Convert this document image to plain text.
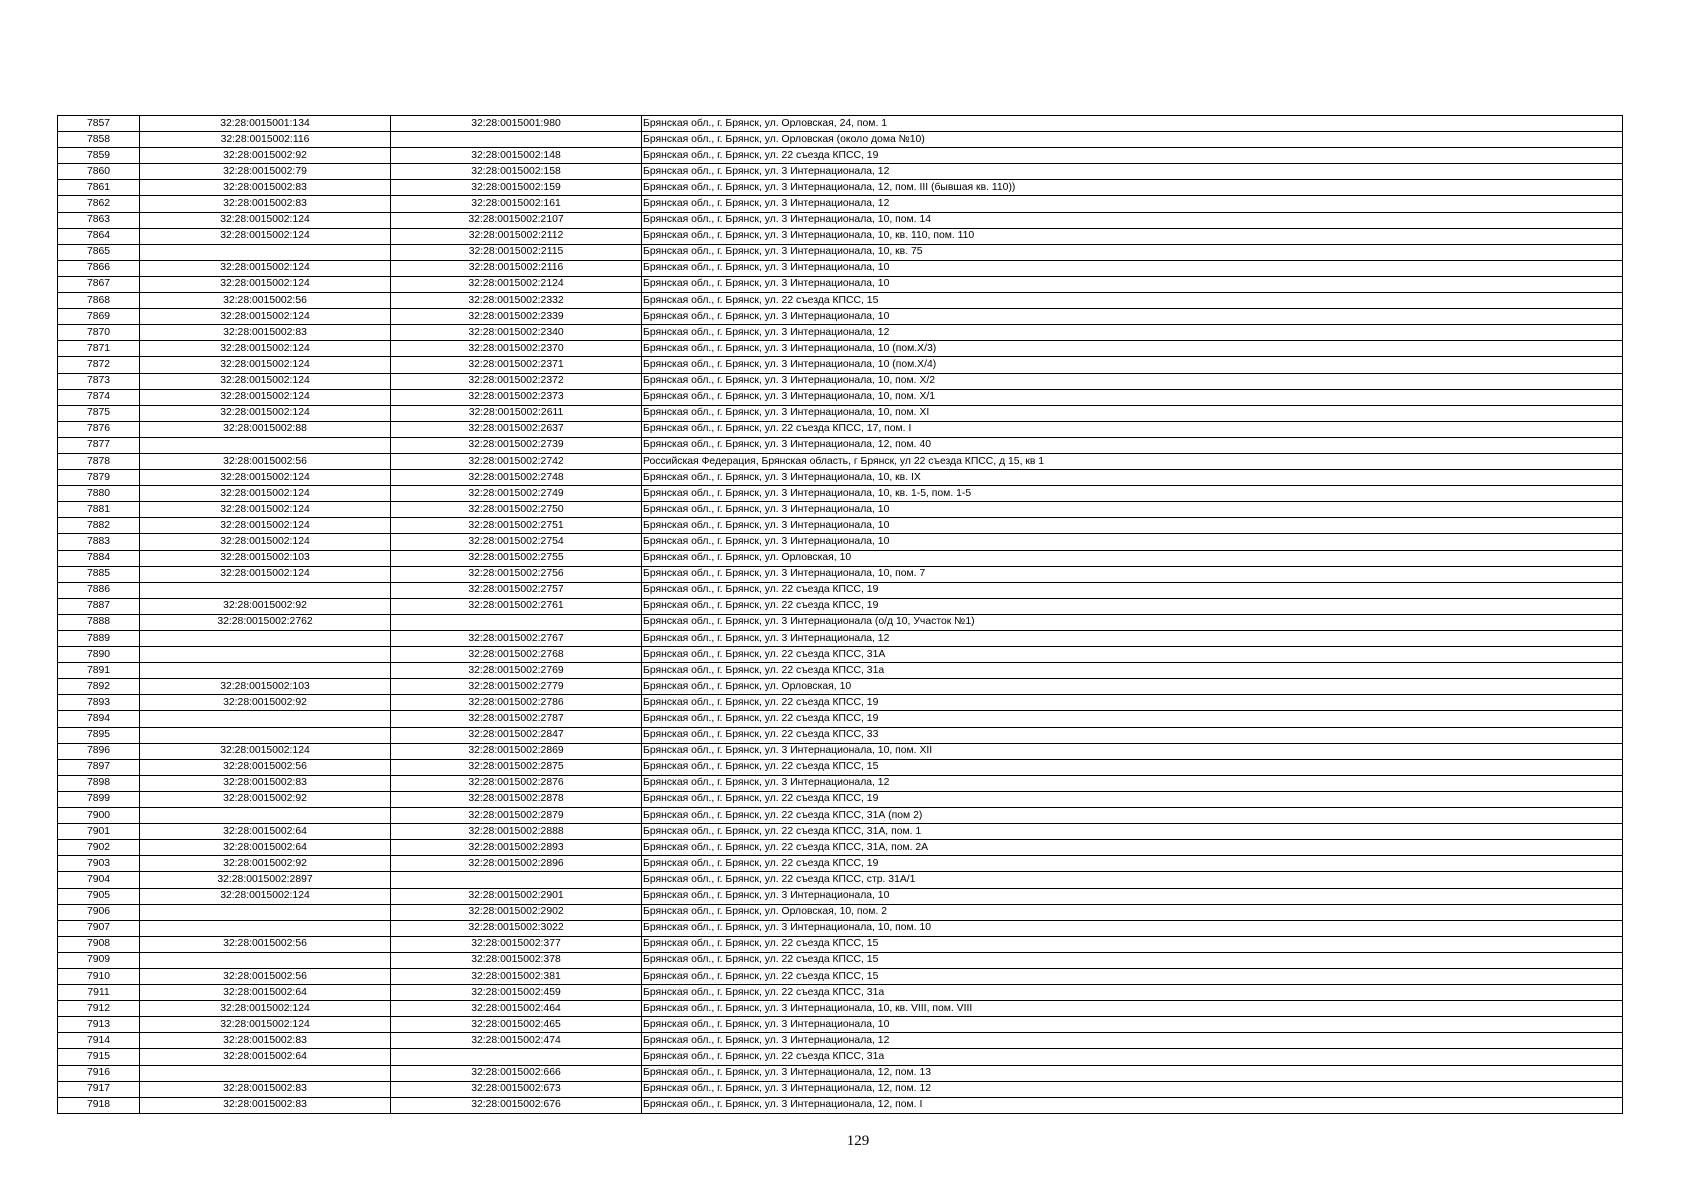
7857	32:28:0015001:134	32:28:0015001:980	Брянская обл., г. Брянск, ул. Орловская, 24, пом. 1
7858	32:28:0015002:116		Брянская обл., г. Брянск, ул. Орловская (около дома №10)
7859	32:28:0015002:92	32:28:0015002:148	Брянская обл., г. Брянск, ул. 22 съезда КПСС, 19
7860	32:28:0015002:79	32:28:0015002:158	Брянская обл., г. Брянск, ул. 3 Интернационала, 12
7861	32:28:0015002:83	32:28:0015002:159	Брянская обл., г. Брянск, ул. 3 Интернационала, 12, пом. III (бывшая кв. 110))
7862	32:28:0015002:83	32:28:0015002:161	Брянская обл., г. Брянск, ул. 3 Интернационала, 12
7863	32:28:0015002:124	32:28:0015002:2107	Брянская обл., г. Брянск, ул. 3 Интернационала, 10, пом. 14
7864	32:28:0015002:124	32:28:0015002:2112	Брянская обл., г. Брянск, ул. 3 Интернационала, 10, кв. 110, пом. 110
7865		32:28:0015002:2115	Брянская обл., г. Брянск, ул. 3 Интернационала, 10, кв. 75
7866	32:28:0015002:124	32:28:0015002:2116	Брянская обл., г. Брянск, ул. 3 Интернационала, 10
7867	32:28:0015002:124	32:28:0015002:2124	Брянская обл., г. Брянск, ул. 3 Интернационала, 10
7868	32:28:0015002:56	32:28:0015002:2332	Брянская обл., г. Брянск, ул. 22 съезда КПСС, 15
7869	32:28:0015002:124	32:28:0015002:2339	Брянская обл., г. Брянск, ул. 3 Интернационала, 10
7870	32:28:0015002:83	32:28:0015002:2340	Брянская обл., г. Брянск, ул. 3 Интернационала, 12
7871	32:28:0015002:124	32:28:0015002:2370	Брянская обл., г. Брянск, ул. 3 Интернационала, 10 (пом.Х/3)
7872	32:28:0015002:124	32:28:0015002:2371	Брянская обл., г. Брянск, ул. 3 Интернационала, 10 (пом.Х/4)
7873	32:28:0015002:124	32:28:0015002:2372	Брянская обл., г. Брянск, ул. 3 Интернационала, 10, пом. Х/2
7874	32:28:0015002:124	32:28:0015002:2373	Брянская обл., г. Брянск, ул. 3 Интернационала, 10, пом. Х/1
7875	32:28:0015002:124	32:28:0015002:2611	Брянская обл., г. Брянск, ул. 3 Интернационала, 10, пом. XI
7876	32:28:0015002:88	32:28:0015002:2637	Брянская обл., г. Брянск, ул. 22 съезда КПСС, 17, пом. I
7877		32:28:0015002:2739	Брянская обл., г. Брянск, ул. 3 Интернационала, 12, пом. 40
7878	32:28:0015002:56	32:28:0015002:2742	Российская Федерация, Брянская область, г Брянск, ул 22 съезда КПСС, д 15, кв 1
7879	32:28:0015002:124	32:28:0015002:2748	Брянская обл., г. Брянск, ул. 3 Интернационала, 10, кв. IX
7880	32:28:0015002:124	32:28:0015002:2749	Брянская обл., г. Брянск, ул. 3 Интернационала, 10, кв. 1-5, пом. 1-5
7881	32:28:0015002:124	32:28:0015002:2750	Брянская обл., г. Брянск, ул. 3 Интернационала, 10
7882	32:28:0015002:124	32:28:0015002:2751	Брянская обл., г. Брянск, ул. 3 Интернационала, 10
7883	32:28:0015002:124	32:28:0015002:2754	Брянская обл., г. Брянск, ул. 3 Интернационала, 10
7884	32:28:0015002:103	32:28:0015002:2755	Брянская обл., г. Брянск, ул. Орловская, 10
7885	32:28:0015002:124	32:28:0015002:2756	Брянская обл., г. Брянск, ул. 3 Интернационала, 10, пом. 7
7886		32:28:0015002:2757	Брянская обл., г. Брянск, ул. 22 съезда КПСС, 19
7887	32:28:0015002:92	32:28:0015002:2761	Брянская обл., г. Брянск, ул. 22 съезда КПСС, 19
7888	32:28:0015002:2762		Брянская обл., г. Брянск, ул. 3 Интернационала (о/д 10, Участок №1)
7889		32:28:0015002:2767	Брянская обл., г. Брянск, ул. 3 Интернационала, 12
7890		32:28:0015002:2768	Брянская обл., г. Брянск, ул. 22 съезда КПСС, 31А
7891		32:28:0015002:2769	Брянская обл., г. Брянск, ул. 22 съезда КПСС, 31а
7892	32:28:0015002:103	32:28:0015002:2779	Брянская обл., г. Брянск, ул. Орловская, 10
7893	32:28:0015002:92	32:28:0015002:2786	Брянская обл., г. Брянск, ул. 22 съезда КПСС, 19
7894		32:28:0015002:2787	Брянская обл., г. Брянск, ул. 22 съезда КПСС, 19
7895		32:28:0015002:2847	Брянская обл., г. Брянск, ул. 22 съезда КПСС, 33
7896	32:28:0015002:124	32:28:0015002:2869	Брянская обл., г. Брянск, ул. 3 Интернационала, 10, пом. XII
7897	32:28:0015002:56	32:28:0015002:2875	Брянская обл., г. Брянск, ул. 22 съезда КПСС, 15
7898	32:28:0015002:83	32:28:0015002:2876	Брянская обл., г. Брянск, ул. 3 Интернационала, 12
7899	32:28:0015002:92	32:28:0015002:2878	Брянская обл., г. Брянск, ул. 22 съезда КПСС, 19
7900		32:28:0015002:2879	Брянская обл., г. Брянск, ул. 22 съезда КПСС, 31А (пом 2)
7901	32:28:0015002:64	32:28:0015002:2888	Брянская обл., г. Брянск, ул. 22 съезда КПСС, 31А, пом. 1
7902	32:28:0015002:64	32:28:0015002:2893	Брянская обл., г. Брянск, ул. 22 съезда КПСС, 31А, пом. 2А
7903	32:28:0015002:92	32:28:0015002:2896	Брянская обл., г. Брянск, ул. 22 съезда КПСС, 19
7904	32:28:0015002:2897		Брянская обл., г. Брянск, ул. 22 съезда КПСС, стр. 31А/1
7905	32:28:0015002:124	32:28:0015002:2901	Брянская обл., г. Брянск, ул. 3 Интернационала, 10
7906		32:28:0015002:2902	Брянская обл., г. Брянск, ул. Орловская, 10, пом. 2
7907		32:28:0015002:3022	Брянская обл., г. Брянск, ул. 3 Интернационала, 10, пом. 10
7908	32:28:0015002:56	32:28:0015002:377	Брянская обл., г. Брянск, ул. 22 съезда КПСС, 15
7909		32:28:0015002:378	Брянская обл., г. Брянск, ул. 22 съезда КПСС, 15
7910	32:28:0015002:56	32:28:0015002:381	Брянская обл., г. Брянск, ул. 22 съезда КПСС, 15
7911	32:28:0015002:64	32:28:0015002:459	Брянская обл., г. Брянск, ул. 22 съезда КПСС, 31а
7912	32:28:0015002:124	32:28:0015002:464	Брянская обл., г. Брянск, ул. 3 Интернационала, 10, кв. VIII, пом. VIII
7913	32:28:0015002:124	32:28:0015002:465	Брянская обл., г. Брянск, ул. 3 Интернационала, 10
7914	32:28:0015002:83	32:28:0015002:474	Брянская обл., г. Брянск, ул. 3 Интернационала, 12
7915	32:28:0015002:64		Брянская обл., г. Брянск, ул. 22 съезда КПСС, 31а
7916		32:28:0015002:666	Брянская обл., г. Брянск, ул. 3 Интернационала, 12, пом. 13
7917	32:28:0015002:83	32:28:0015002:673	Брянская обл., г. Брянск, ул. 3 Интернационала, 12, пом. 12
7918	32:28:0015002:83	32:28:0015002:676	Брянская обл., г. Брянск, ул. 3 Интернационала, 12, пом. I
129
